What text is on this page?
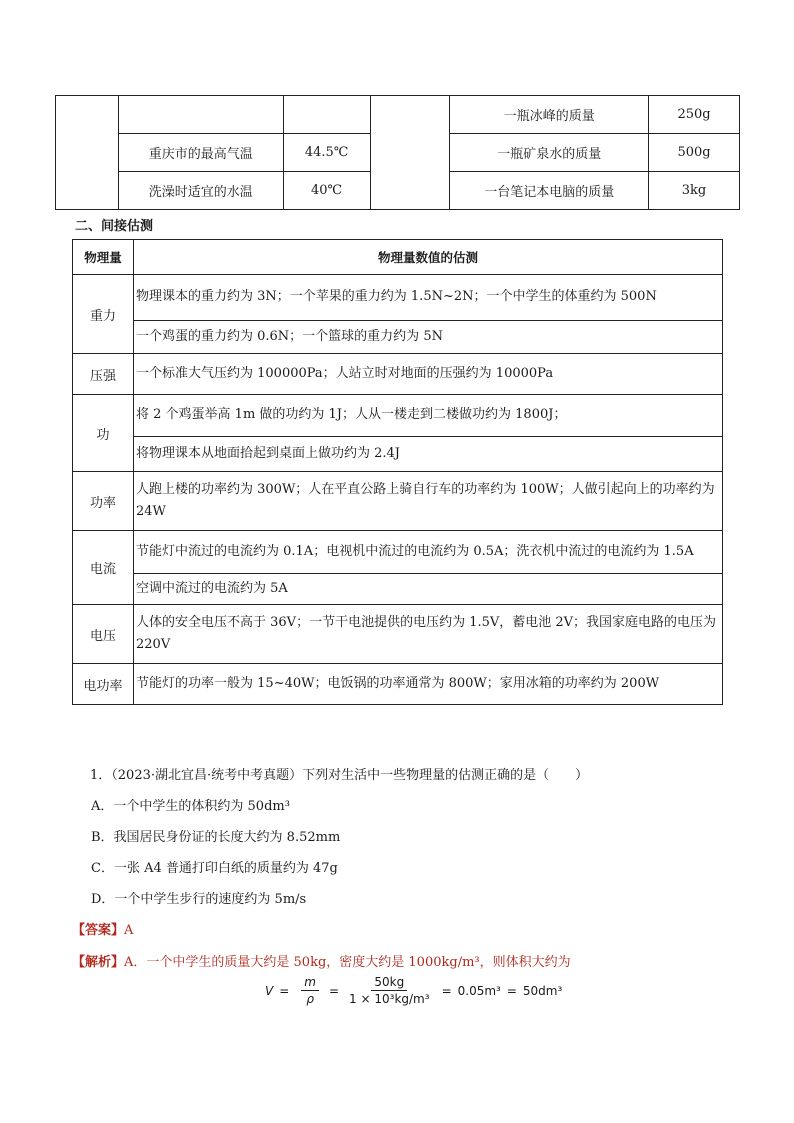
				一瓶冰峰的质量	250g
	重庆市的最高气温	44.5℃		一瓶矿泉水的质量	500g
	洗澡时适宜的水温	40℃		一台笔记本电脑的质量	3kg
二、间接估测
物理量	物理量数值的估测
重力	物理课本的重力约为 3N；一个苹果的重力约为 1.5N~2N；一个中学生的体重约为 500N
	一个鸡蛋的重力约为 0.6N；一个篮球的重力约为 5N
压强	一个标准大气压约为 100000Pa；人站立时对地面的压强约为 10000Pa
功	将 2 个鸡蛋举高 1m 做的功约为 1J；人从一楼走到二楼做功约为 1800J；
	将物理课本从地面拾起到桌面上做功约为 2.4J
功率	人跑上楼的功率约为 300W；人在平直公路上骑自行车的功率约为 100W；人做引起向上的功率约为 24W
电流	节能灯中流过的电流约为 0.1A；电视机中流过的电流约为 0.5A；洗衣机中流过的电流约为 1.5A
	空调中流过的电流约为 5A
电压	人体的安全电压不高于 36V；一节干电池提供的电压约为 1.5V，蓄电池 2V；我国家庭电路的电压为 220V
电功率	节能灯的功率一般为 15~40W；电饭锅的功率通常为 800W；家用冰箱的功率约为 200W
1．（2023·湖北宜昌·统考中考真题）下列对生活中一些物理量的估测正确的是（　　）
A．一个中学生的体积约为 50dm³
B．我国居民身份证的长度大约为 8.52mm
C．一张 A4 普通打印白纸的质量约为 47g
D．一个中学生步行的速度约为 5m/s
【答案】A
【解析】A．一个中学生的质量大约是 50kg，密度大约是 1000kg/m³，则体积大约为
$V = \frac{m}{\rho} = \frac{50kg}{\text{1 × 10³kg/m³}} = 0.05m^3 = 50dm^3$
